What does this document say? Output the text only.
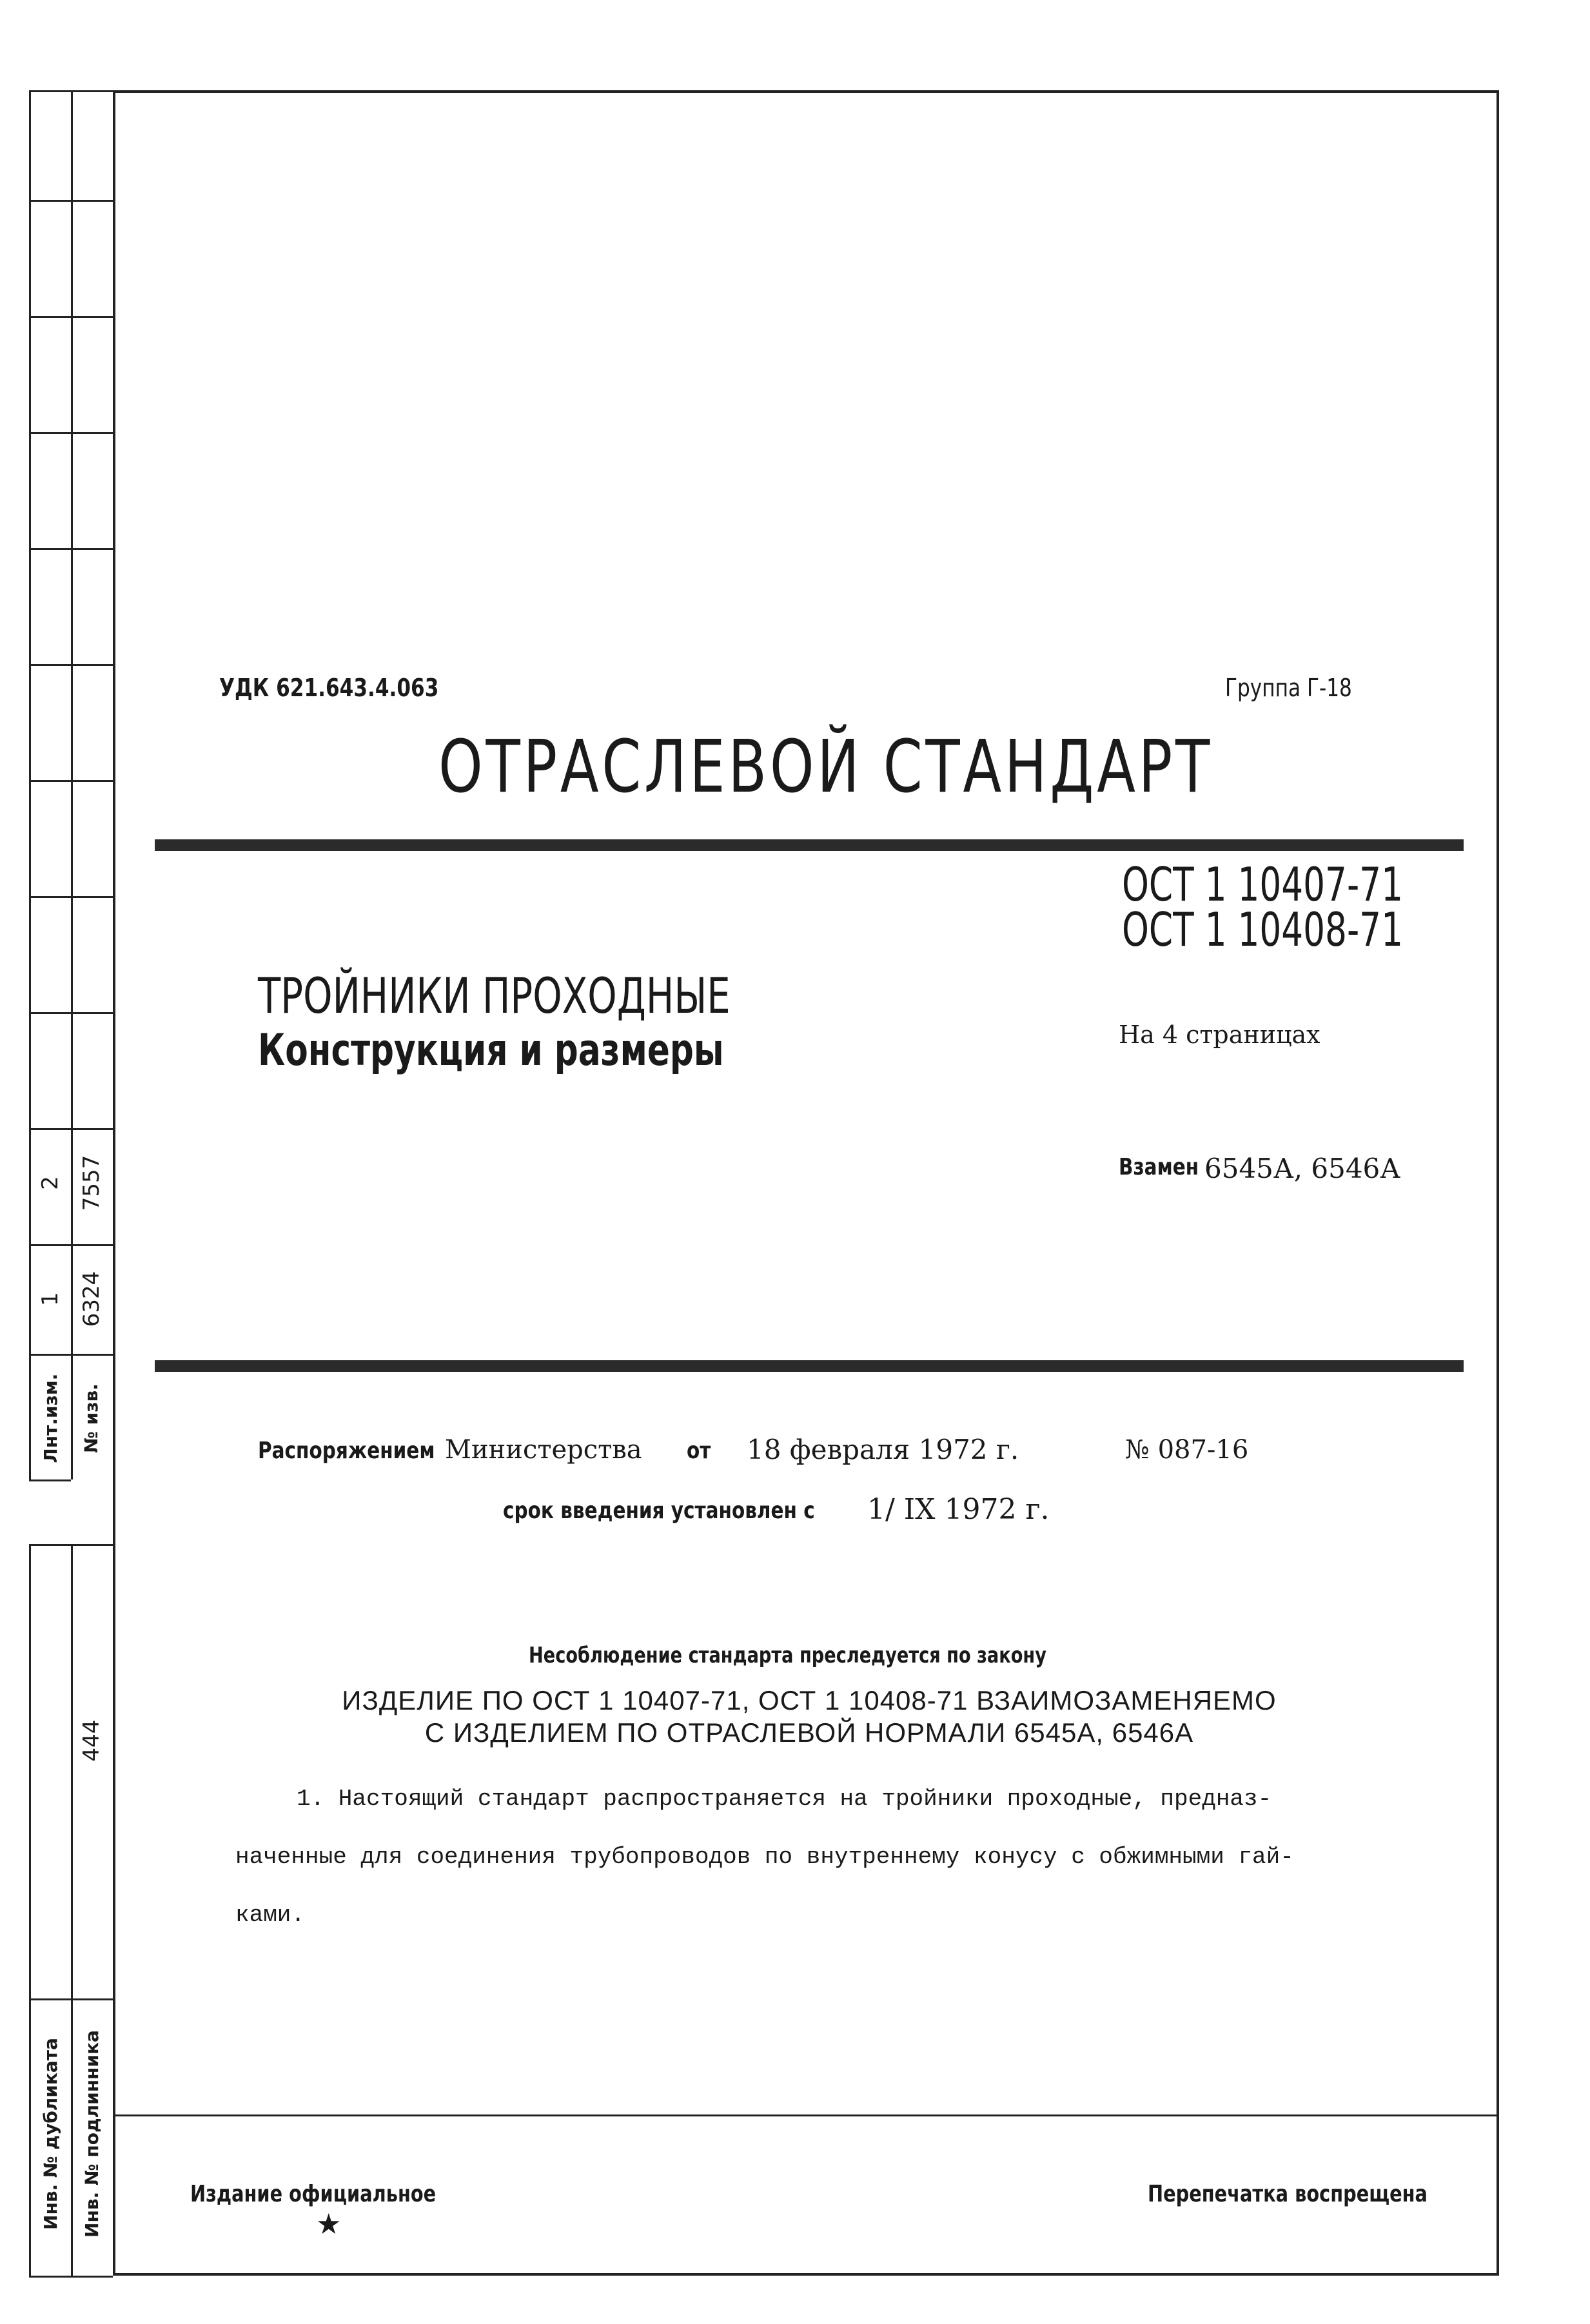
2 7557
1 6324
Лнт.изм. № изв.
444
Инв. № дубликата Инв. № подлинника
УДК 621.643.4.063	Группа Г-18
ОТРАСЛЕВОЙ СТАНДАРТ
ОСТ 1 10407-71
ОСТ 1 10408-71
ТРОЙНИКИ ПРОХОДНЫЕ
Конструкция и размеры	На 4 страницах
Взамен 6545А, 6546А
Распоряжением Министерства от 18 февраля 1972 г.	№ 087-16
срок введения установлен с 1/ IX 1972 г.
Несоблюдение стандарта преследуется по закону
ИЗДЕЛИЕ ПО ОСТ 1 10407-71, ОСТ 1 10408-71 ВЗАИМОЗАМЕНЯЕМО
С ИЗДЕЛИЕМ ПО ОТРАСЛЕВОЙ НОРМАЛИ 6545А, 6546А
1. Настоящий стандарт распространяется на тройники проходные, предназ-
наченные для соединения трубопроводов по внутреннему конусу с обжимными гай-
ками.
Издание официальное
★
Перепечатка воспрещена
